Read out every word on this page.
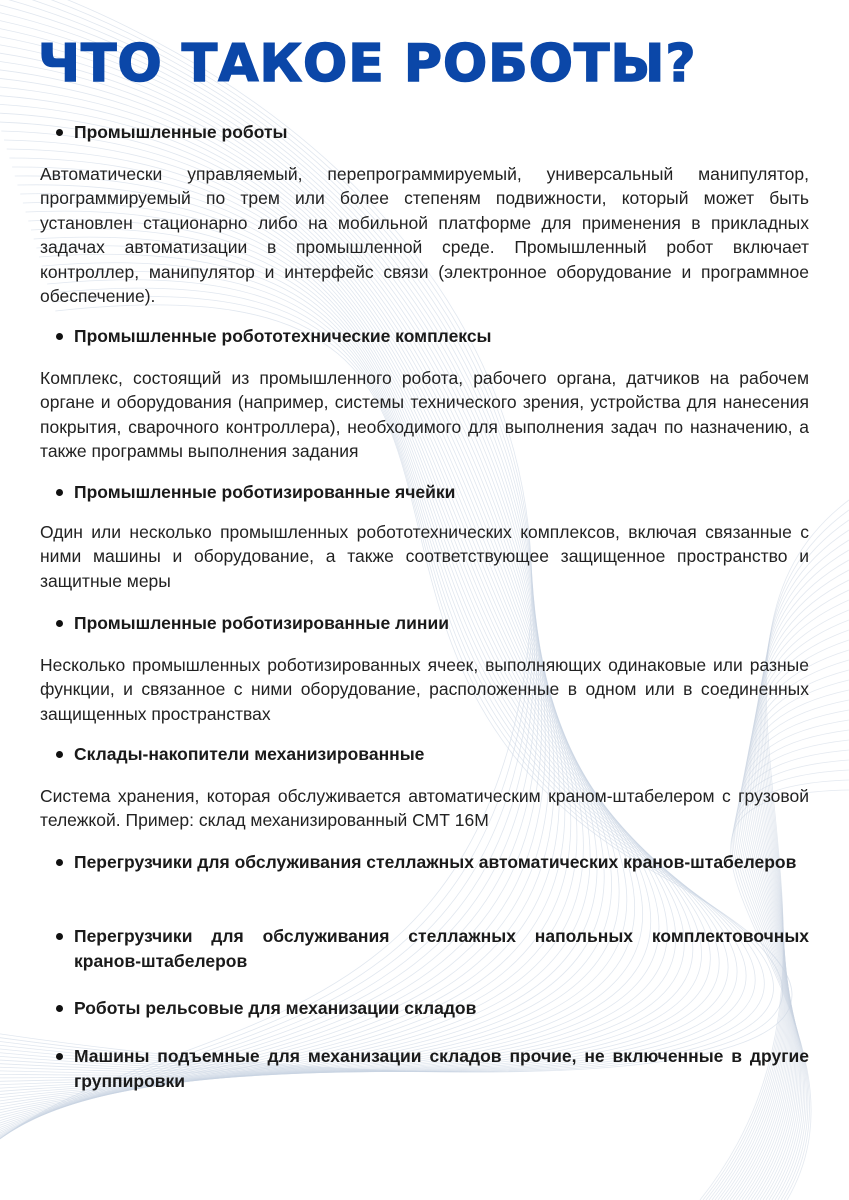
ЧТО ТАКОЕ РОБОТЫ?
Промышленные роботы
Автоматически управляемый, перепрограммируемый, универсальный манипулятор, программируемый по трем или более степеням подвижности, который может быть установлен стационарно либо на мобильной платформе для применения в прикладных задачах автоматизации в промышленной среде. Промышленный робот включает контроллер, манипулятор и интерфейс связи (электронное оборудование и программное обеспечение).
Промышленные робототехнические комплексы
Комплекс, состоящий из промышленного робота, рабочего органа, датчиков на рабочем органе и оборудования (например, системы технического зрения, устройства для нанесения покрытия, сварочного контроллера), необходимого для выполнения задач по назначению, а также программы выполнения задания
Промышленные роботизированные ячейки
Один или несколько промышленных робототехнических комплексов, включая связанные с ними машины и оборудование, а также соответствующее защищенное пространство и защитные меры
Промышленные роботизированные линии
Несколько промышленных роботизированных ячеек, выполняющих одинаковые или разные функции, и связанное с ними оборудование, расположенные в одном или в соединенных защищенных пространствах
Склады-накопители механизированные
Система хранения, которая обслуживается автоматическим краном-штабелером с грузовой тележкой. Пример: склад механизированный СМТ 16М
Перегрузчики для обслуживания стеллажных автоматических кранов-штабелеров
Перегрузчики для обслуживания стеллажных напольных комплектовочных кранов-штабелеров
Роботы рельсовые для механизации складов
Машины подъемные для механизации складов прочие, не включенные в другие группировки
